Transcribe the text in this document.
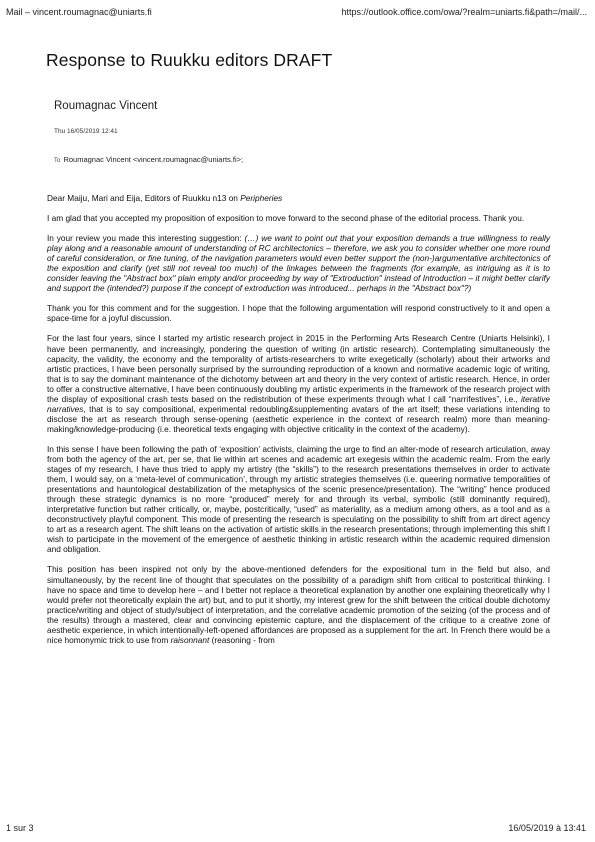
Mail – vincent.roumagnac@uniarts.fi	https://outlook.office.com/owa/?realm=uniarts.fi&path=/mail/...
Response to Ruukku editors DRAFT
Roumagnac Vincent
Thu 16/05/2019 12:41
To Roumagnac Vincent <vincent.roumagnac@uniarts.fi>;

Dear Maiju, Mari and Eija, Editors of Ruukku n13 on Peripheries

I am glad that you accepted my proposition of exposition to move forward to the second phase of the editorial process. Thank you.

In your review you made this interesting suggestion: (…) we want to point out that your exposition demands a true willingness to really play along and a reasonable amount of understanding of RC architectonics – therefore, we ask you to consider whether one more round of careful consideration, or fine tuning, of the navigation parameters would even better support the (non-)argumentative architectonics of the exposition and clarify (yet still not reveal too much) of the linkages between the fragments (for example, as intriguing as it is to consider leaving the "Abstract box" plain empty and/or proceeding by way of "Extroduction" instead of Introduction – it might better clarify and support the (intended?) purpose if the concept of extroduction was introduced... perhaps in the "Abstract box"?)

Thank you for this comment and for the suggestion. I hope that the following argumentation will respond constructively to it and open a space-time for a joyful discussion.

For the last four years, since I started my artistic research project in 2015 in the Performing Arts Research Centre (Uniarts Helsinki), I have been permanently, and increasingly, pondering the question of writing (in artistic research). Contemplating simultaneously the capacity, the validity, the economy and the temporality of artists-researchers to write exegetically (scholarly) about their artworks and artistic practices, I have been personally surprised by the surrounding reproduction of a known and normative academic logic of writing, that is to say the dominant maintenance of the dichotomy between art and theory in the very context of artistic research. Hence, in order to offer a constructive alternative, I have been continuously doubling my artistic experiments in the framework of the research project with the display of expositional crash tests based on the redistribution of these experiments through what I call “narrifestives”, i.e., iterative narratives, that is to say compositional, experimental redoubling&supplementing avatars of the art itself; these variations intending to disclose the art as research through sense-opening (aesthetic experience in the context of research realm) more than meaning-making/knowledge-producing (i.e. theoretical texts engaging with objective criticality in the context of the academy).

In this sense I have been following the path of ‘exposition’ activists, claiming the urge to find an alter-mode of research articulation, away from both the agency of the art, per se, that lie within art scenes and academic art exegesis within the academic realm. From the early stages of my research, I have thus tried to apply my artistry (the “skills”) to the research presentations themselves in order to activate them, I would say, on a ‘meta-level of communication’, through my artistic strategies themselves (i.e. queering normative temporalities of presentations and hauntological destabilization of the metaphysics of the scenic presence/presentation). The “writing” hence produced through these strategic dynamics is no more “produced” merely for and through its verbal, symbolic (still dominantly required), interpretative function but rather critically, or, maybe, postcritically, “used” as materiality, as a medium among others, as a tool and as a deconstructively playful component. This mode of presenting the research is speculating on the possibility to shift from art direct agency to art as a research agent. The shift leans on the activation of artistic skills in the research presentations; through implementing this shift I wish to participate in the movement of the emergence of aesthetic thinking in artistic research within the academic required dimension and obligation.

This position has been inspired not only by the above-mentioned defenders for the expositional turn in the field but also, and simultaneously, by the recent line of thought that speculates on the possibility of a paradigm shift from critical to postcritical thinking. I have no space and time to develop here – and I better not replace a theoretical explanation by another one explaining theoretically why I would prefer not theoretically explain the art) but, and to put it shortly, my interest grew for the shift between the critical double dichotomy practice/writing and object of study/subject of interpretation, and the correlative academic promotion of the seizing (of the process and of the results) through a mastered, clear and convincing epistemic capture, and the displacement of the critique to a creative zone of aesthetic experience, in which intentionally-left-opened affordances are proposed as a supplement for the art. In French there would be a nice homonymic trick to use from raisonnant (reasoning - from

1 sur 3	16/05/2019 à 13:41
